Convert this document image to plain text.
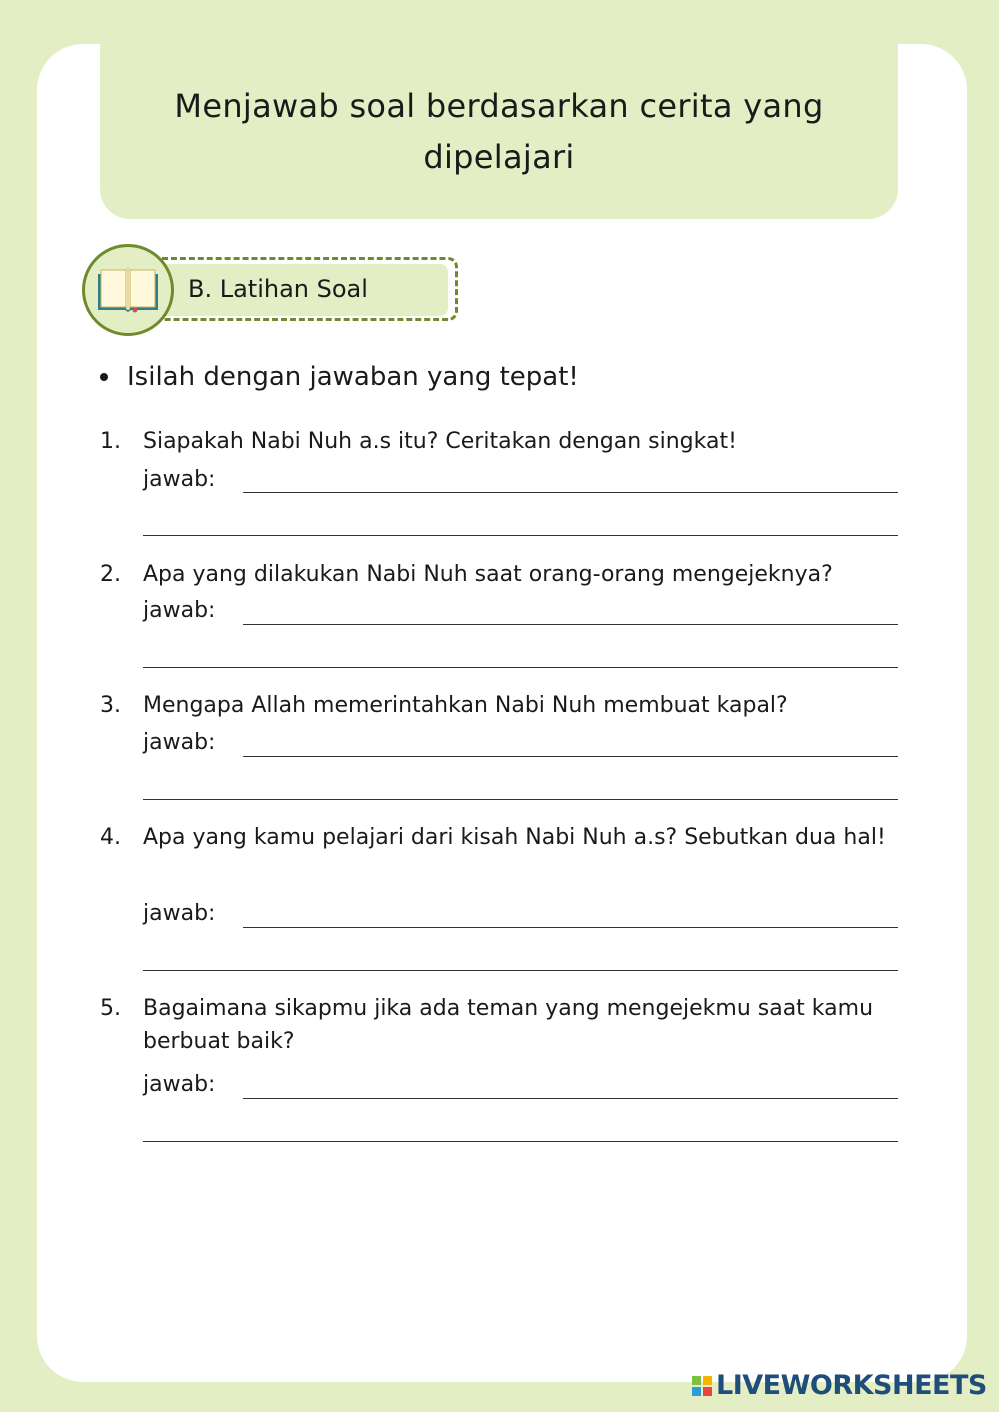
Menjawab soal berdasarkan cerita yang dipelajari
B. Latihan Soal
Isilah dengan jawaban yang tepat!
1. Siapakah Nabi Nuh a.s itu? Ceritakan dengan singkat!
jawab:
2. Apa yang dilakukan Nabi Nuh saat orang-orang mengejeknya?
jawab:
3. Mengapa Allah memerintahkan Nabi Nuh membuat kapal?
jawab:
4. Apa yang kamu pelajari dari kisah Nabi Nuh a.s? Sebutkan dua hal!
jawab:
5. Bagaimana sikapmu jika ada teman yang mengejekmu saat kamu berbuat baik?
jawab:
LIVEWORKSHEETS
